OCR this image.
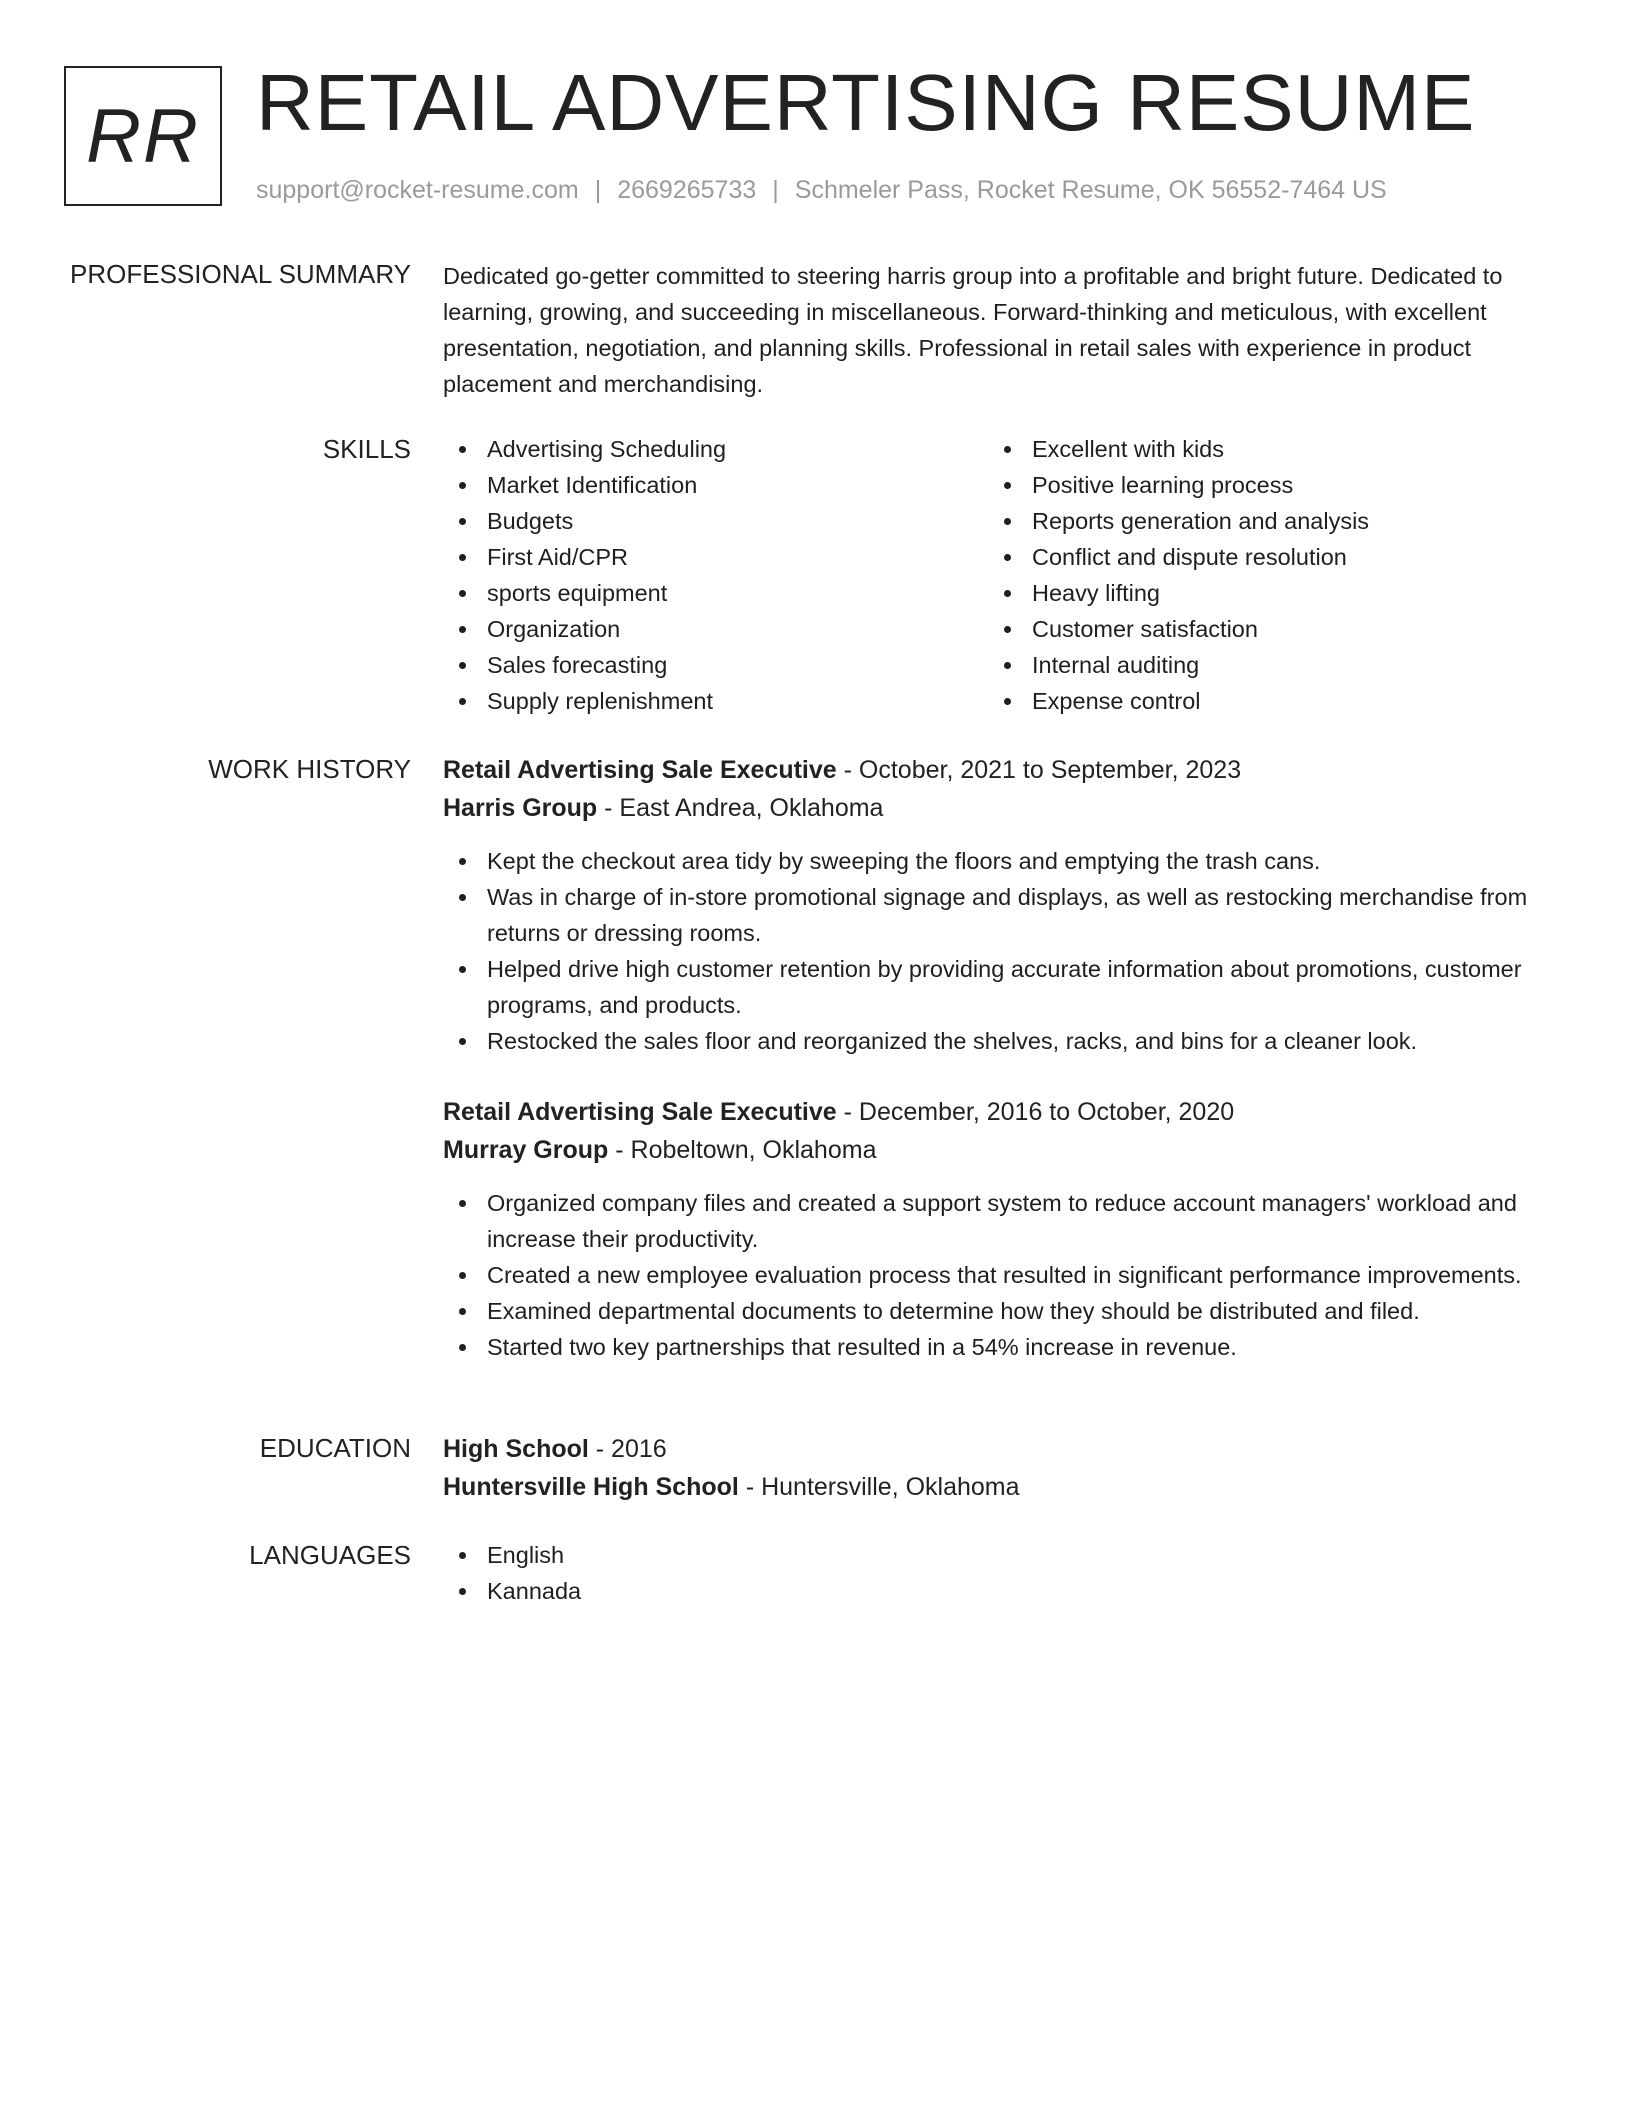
RR RETAIL ADVERTISING RESUME
support@rocket-resume.com | 2669265733 | Schmeler Pass, Rocket Resume, OK 56552-7464 US
PROFESSIONAL SUMMARY Dedicated go-getter committed to steering harris group into a profitable and bright future. Dedicated to learning, growing, and succeeding in miscellaneous. Forward-thinking and meticulous, with excellent presentation, negotiation, and planning skills. Professional in retail sales with experience in product placement and merchandising.

SKILLS	Advertising Scheduling
Market Identification
Budgets
First Aid/CPR
sports equipment
Organization
Sales forecasting
Supply replenishment
Excellent with kids
Positive learning process
Reports generation and analysis
Conflict and dispute resolution
Heavy lifting
Customer satisfaction
Internal auditing
Expense control
WORK HISTORY Retail Advertising Sale Executive - October, 2021 to September, 2023
Harris Group - East Andrea, Oklahoma
Kept the checkout area tidy by sweeping the floors and emptying the trash cans.
Was in charge of in-store promotional signage and displays, as well as restocking merchandise from returns or dressing rooms.
Helped drive high customer retention by providing accurate information about promotions, customer programs, and products.
Restocked the sales floor and reorganized the shelves, racks, and bins for a cleaner look.
Retail Advertising Sale Executive - December, 2016 to October, 2020
Murray Group - Robeltown, Oklahoma
Organized company files and created a support system to reduce account managers' workload and increase their productivity.
Created a new employee evaluation process that resulted in significant performance improvements.
Examined departmental documents to determine how they should be distributed and filed.
Started two key partnerships that resulted in a 54% increase in revenue.
EDUCATION High School - 2016
Huntersville High School - Huntersville, Oklahoma
LANGUAGES	English
Kannada
